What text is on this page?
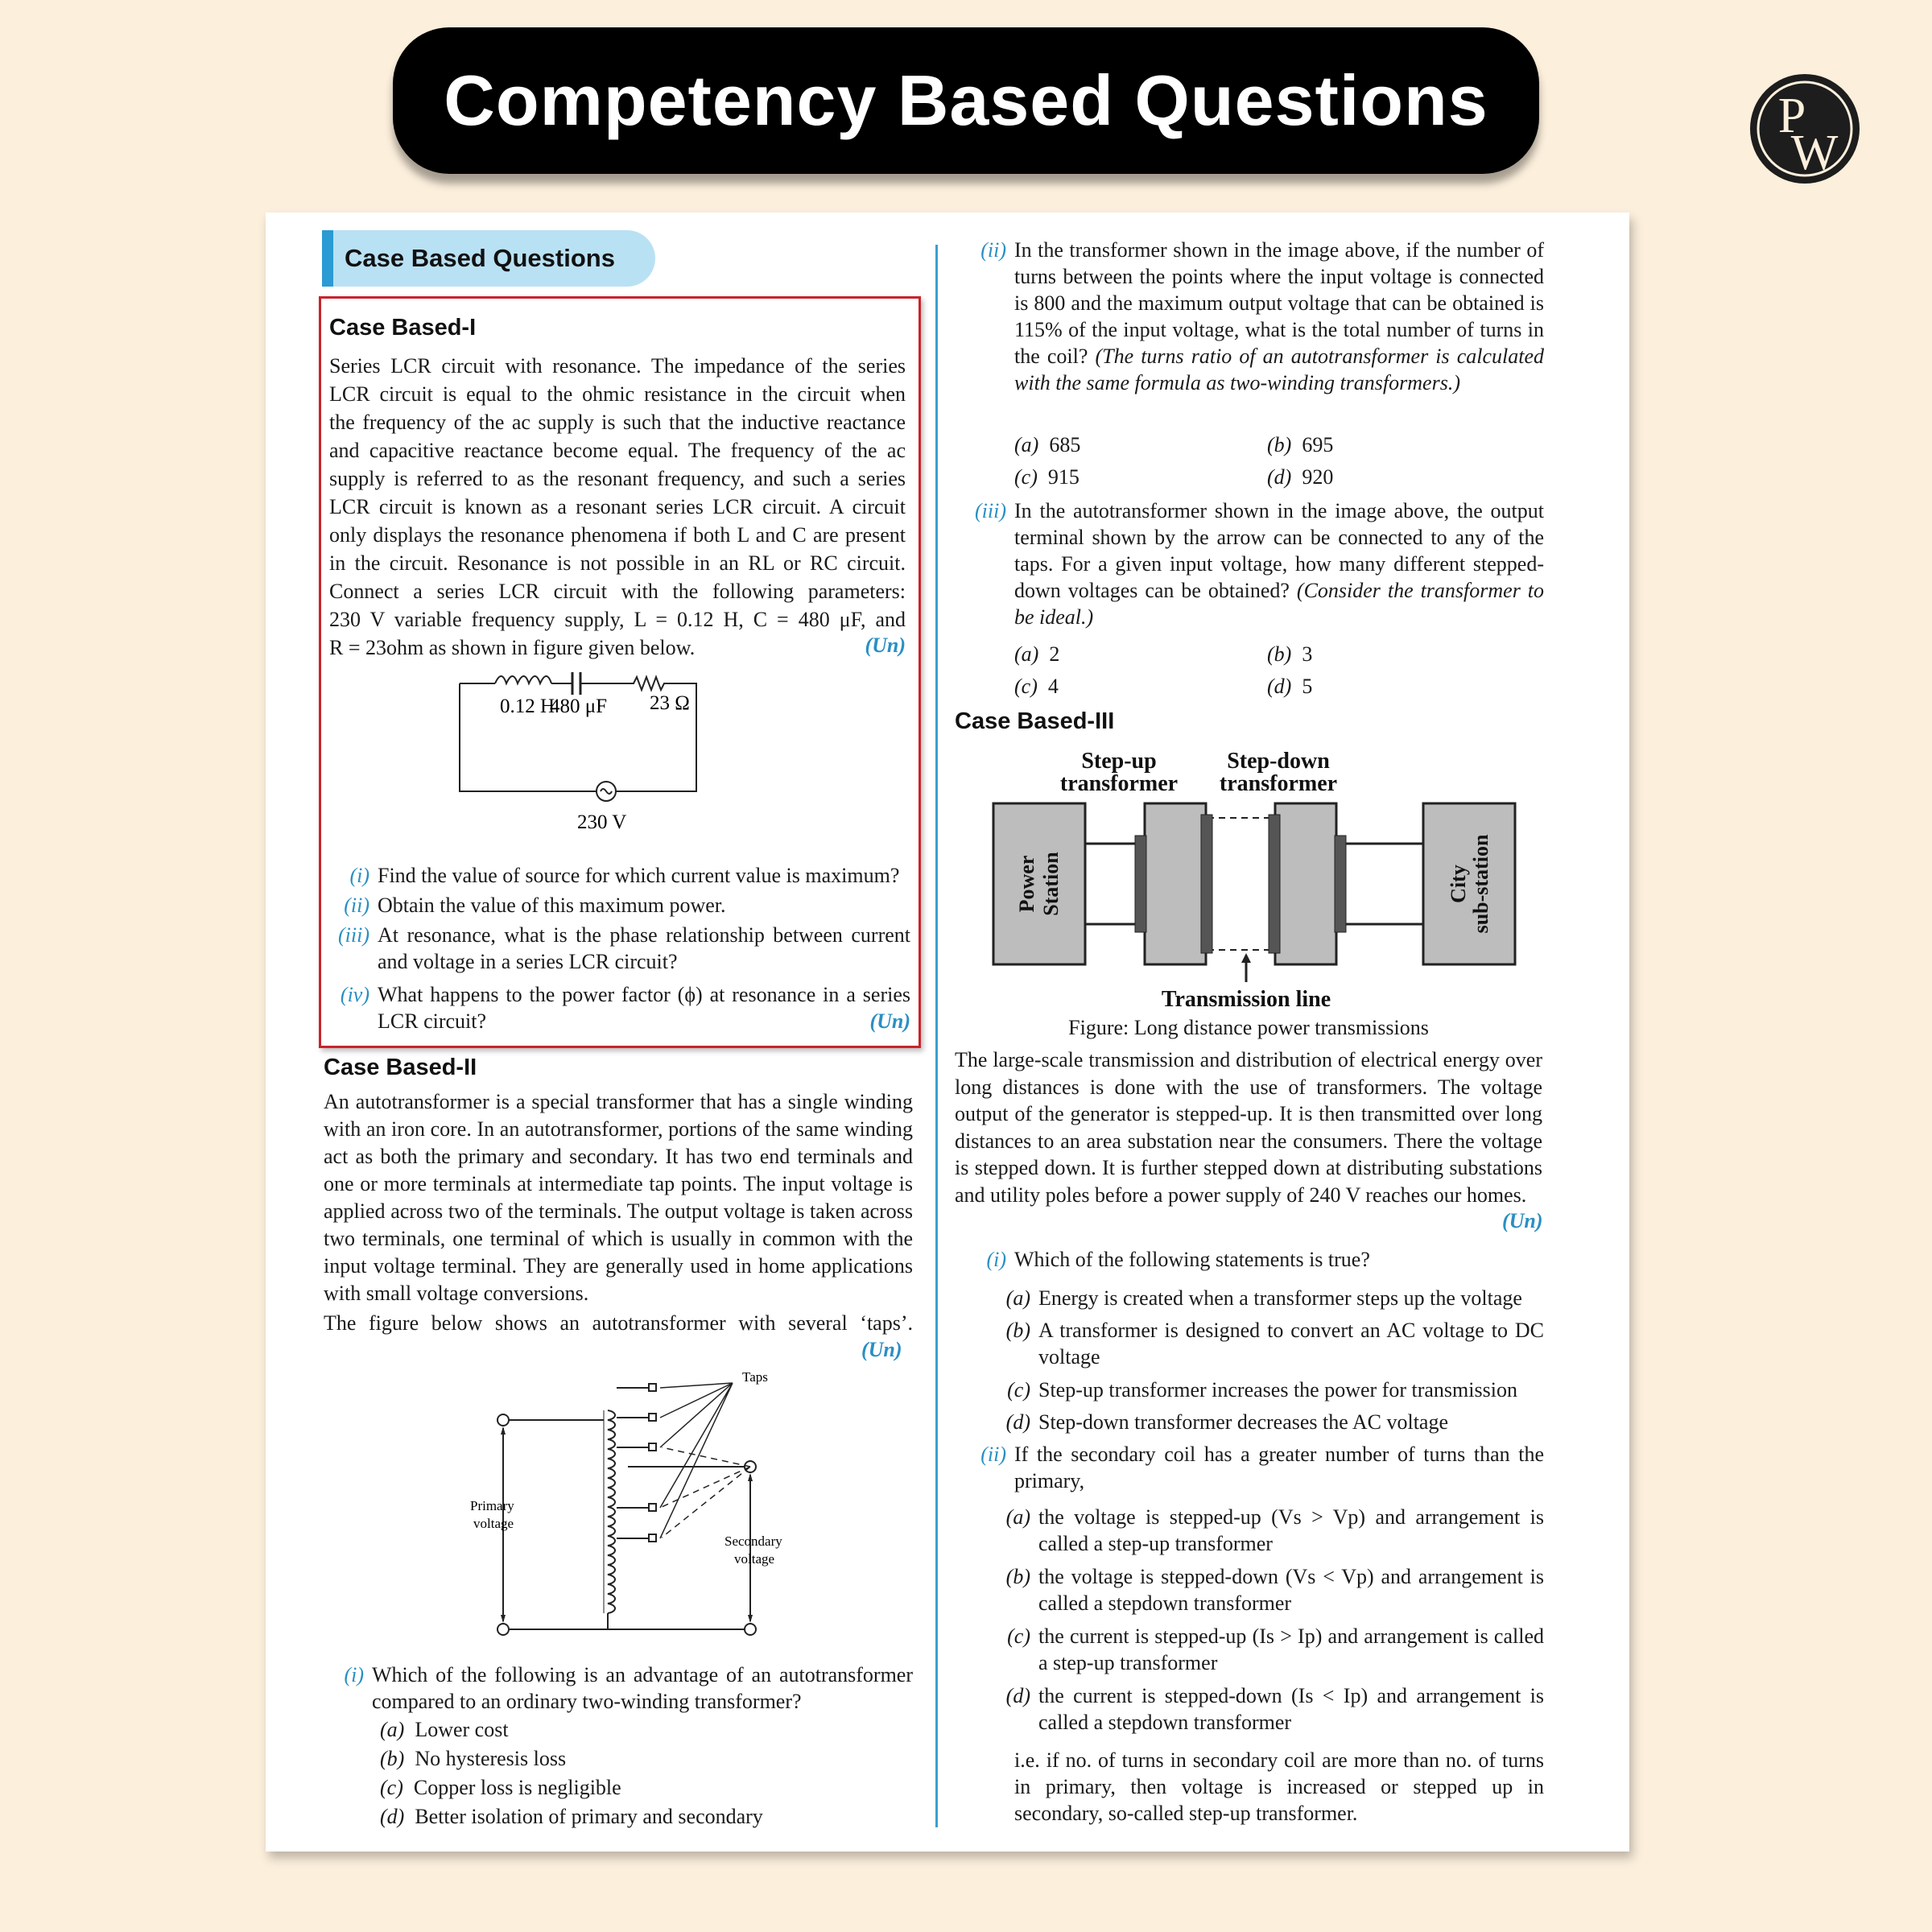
Competency Based Questions	P
W
Case Based Questions
Case Based-I
Series LCR circuit with resonance. The impedance of the series
LCR circuit is equal to the ohmic resistance in the circuit when
the frequency of the ac supply is such that the inductive reactance
and capacitive reactance become equal. The frequency of the ac
supply is referred to as the resonant frequency, and such a series
LCR circuit is known as a resonant series LCR circuit. A circuit
only displays the resonance phenomena if both L and C are present
in the circuit. Resonance is not possible in an RL or RC circuit.
Connect a series LCR circuit with the following parameters:
230 V variable frequency supply, L = 0.12 H, C = 480 μF, and
R = 23ohm as shown in figure given below.	(Un)
0.12 H
480 μF 23 Ω
230 V
(i) Find the value of source for which current value is maximum?
(ii) Obtain the value of this maximum power.
(iii) At resonance, what is the phase relationship between current and voltage in a series LCR circuit?
(iv) What happens to the power factor (ϕ) at resonance in a series LCR circuit?	(Un)
Case Based-II

An autotransformer is a special transformer that has a single winding with an iron core. In an autotransformer, portions of the same winding act as both the primary and secondary. It has two end terminals and one or more terminals at intermediate tap points. The input voltage is applied across two of the terminals. The output voltage is taken across two terminals, one terminal of which is usually in common with the input voltage terminal. They are generally used in home applications with small voltage conversions.

The figure below shows an autotransformer with several ‘taps’.

(Un)
Taps
Primary
voltage
Secondary
voltage
(i) Which of the following is an advantage of an autotransformer compared to an ordinary two-winding transformer?
(a) Lower cost
(b) No hysteresis loss
(c) Copper loss is negligible
(d) Better isolation of primary and secondary
(ii) In the transformer shown in the image above, if the number of turns between the points where the input voltage is connected is 800 and the maximum output voltage that can be obtained is 115% of the input voltage, what is the total number of turns in the coil? (The turns ratio of an autotransformer is calculated with the same formula as two-winding transformers.)
(a) 685	(b) 695
(c) 915	(d) 920
(iii) In the autotransformer shown in the image above, the output terminal shown by the arrow can be connected to any of the taps. For a given input voltage, how many different stepped-down voltages can be obtained? (Consider the transformer to be ideal.)
(a) 2	(b) 3
(c) 4	(d) 5
Case Based-III
Step-up
transformer
Step-down
transformer
Power Station	City sub-station
Transmission line
Figure: Long distance power transmissions

The large-scale transmission and distribution of electrical energy over long distances is done with the use of transformers. The voltage output of the generator is stepped-up. It is then transmitted over long distances to an area substation near the consumers. There the voltage is stepped down. It is further stepped down at distributing substations and utility poles before a power supply of 240 V reaches our homes.

(Un)
(i) Which of the following statements is true?
(a) Energy is created when a transformer steps up the voltage
(b) A transformer is designed to convert an AC voltage to DC voltage
(c) Step-up transformer increases the power for transmission
(d) Step-down transformer decreases the AC voltage
(ii) If the secondary coil has a greater number of turns than the primary,
(a) the voltage is stepped-up (Vs > Vp) and arrangement is called a step-up transformer
(b) the voltage is stepped-down (Vs < Vp) and arrangement is called a stepdown transformer
(c) the current is stepped-up (Is > Ip) and arrangement is called a step-up transformer
(d) the current is stepped-down (Is < Ip) and arrangement is called a stepdown transformer

i.e. if no. of turns in secondary coil are more than no. of turns in primary, then voltage is increased or stepped up in secondary, so-called step-up transformer.
